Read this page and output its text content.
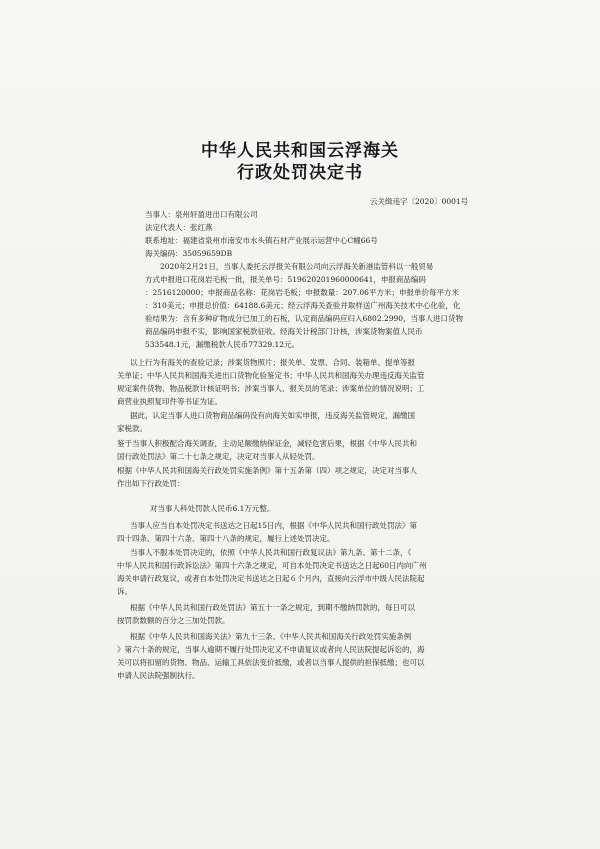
中华人民共和国云浮海关
行政处罚决定书
云关缉违字〔2020〕0001号
当事人：泉州轩盈进出口有限公司
法定代表人：张红燕
联系地址：福建省泉州市南安市水头镇石材产业展示运营中心C幢66号
海关编码：35059659DB
2020年2月21日，当事人委托云浮报关有限公司向云浮海关新港监管科以一般贸易
方式申报进口花岗岩毛板一批，报关单号：519620201960000641，申报商品编码
：2516120000；申报商品名称：花岗岩毛板；申报数量：207.06平方米；申报单价每平方米
：310美元；申报总价值：64188.6美元；经云浮海关查验并取样送广州海关技术中心化验，化
验结果为：含有多种矿物成分已加工的石板，认定商品编码应归入6802.2990，当事人进口货物
商品编码申报不实，影响国家税款征收。经海关计税部门计核，涉案货物案值人民币
533548.1元，漏缴税款人民币77329.12元。
以上行为有海关的查验记录；涉案货物照片；报关单、发票、合同、装箱单、提单等报
关单证；中华人民共和国海关进出口货物化验鉴定书；中华人民共和国海关办理违反海关监管
规定案件货物、物品税款计核证明书；涉案当事人、报关员的笔录；涉案单位的情况说明；工
商营业执照复印件等书证为证。
据此，认定当事人进口货物商品编码没有向海关如实申报，违反海关监管规定，漏缴国
家税款。
鉴于当事人积极配合海关调查，主动足额缴纳保证金，减轻危害后果，根据《中华人民共和
国行政处罚法》第二十七条之规定，决定对当事人从轻处罚。
根据《中华人民共和国海关行政处罚实施条例》第十五条第（四）项之规定，决定对当事人
作出如下行政处罚：
对当事人科处罚款人民币6.1万元整。
当事人应当自本处罚决定书送达之日起15日内，根据《中华人民共和国行政处罚法》第
四十四条、第四十六条、第四十八条的规定，履行上述处罚决定。
当事人不服本处罚决定的，依照《中华人民共和国行政复议法》第九条、第十二条，《
中华人民共和国行政诉讼法》第四十六条之规定，可自本处罚决定书送达之日起60日内向广州
海关申请行政复议，或者自本处罚决定书送达之日起６个月内，直接向云浮市中级人民法院起
诉。
根据《中华人民共和国行政处罚法》第五十一条之规定，到期不缴纳罚款的，每日可以
按罚款数额的百分之三加处罚款。
根据《中华人民共和国海关法》第九十三条、《中华人民共和国海关行政处罚实施条例
》第六十条的规定，当事人逾期不履行处罚决定又不申请复议或者向人民法院提起诉讼的，海
关可以将扣留的货物、物品、运输工具依法变价抵缴，或者以当事人提供的担保抵缴；也可以
申请人民法院强制执行。
